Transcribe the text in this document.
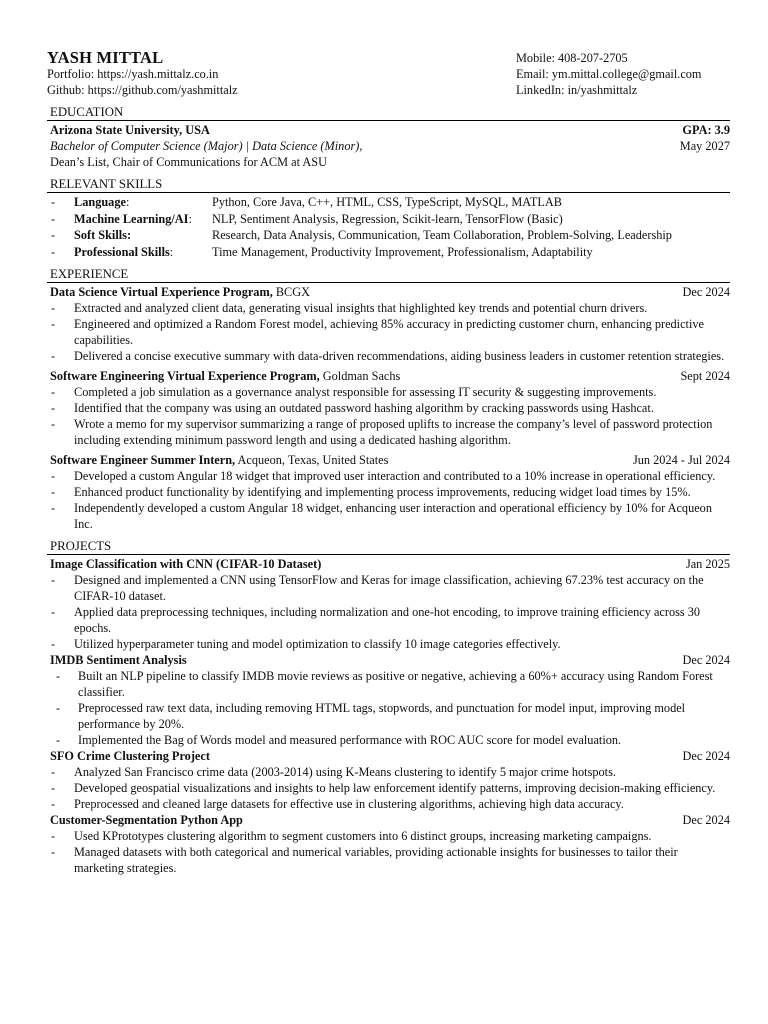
YASH MITTAL
Portfolio: https://yash.mittalz.co.in
Github: https://github.com/yashmittalz
Mobile: 408-207-2705
Email: ym.mittal.college@gmail.com
LinkedIn: in/yashmittalz
EDUCATION
Arizona State University, USA	GPA: 3.9
Bachelor of Computer Science (Major) | Data Science (Minor),	May 2027
Dean’s List, Chair of Communications for ACM at ASU
RELEVANT SKILLS
- Language:	Python, Core Java, C++, HTML, CSS, TypeScript, MySQL, MATLAB
- Machine Learning/AI: NLP, Sentiment Analysis, Regression, Scikit-learn, TensorFlow (Basic)
- Soft Skills:	Research, Data Analysis, Communication, Team Collaboration, Problem-Solving, Leadership
- Professional Skills:	Time Management, Productivity Improvement, Professionalism, Adaptability
EXPERIENCE
Data Science Virtual Experience Program, BCGX	Dec 2024
- Extracted and analyzed client data, generating visual insights that highlighted key trends and potential churn drivers.
- Engineered and optimized a Random Forest model, achieving 85% accuracy in predicting customer churn, enhancing predictive capabilities.
- Delivered a concise executive summary with data-driven recommendations, aiding business leaders in customer retention strategies.
Software Engineering Virtual Experience Program, Goldman Sachs	Sept 2024
- Completed a job simulation as a governance analyst responsible for assessing IT security & suggesting improvements.
- Identified that the company was using an outdated password hashing algorithm by cracking passwords using Hashcat.
- Wrote a memo for my supervisor summarizing a range of proposed uplifts to increase the company’s level of password protection including extending minimum password length and using a dedicated hashing algorithm.
Software Engineer Summer Intern, Acqueon, Texas, United States	Jun 2024 - Jul 2024
- Developed a custom Angular 18 widget that improved user interaction and contributed to a 10% increase in operational efficiency.
- Enhanced product functionality by identifying and implementing process improvements, reducing widget load times by 15%.
- Independently developed a custom Angular 18 widget, enhancing user interaction and operational efficiency by 10% for Acqueon Inc.
PROJECTS
Image Classification with CNN (CIFAR-10 Dataset)	Jan 2025
- Designed and implemented a CNN using TensorFlow and Keras for image classification, achieving 67.23% test accuracy on the CIFAR-10 dataset.
- Applied data preprocessing techniques, including normalization and one-hot encoding, to improve training efficiency across 30 epochs.
- Utilized hyperparameter tuning and model optimization to classify 10 image categories effectively.
IMDB Sentiment Analysis	Dec 2024
- Built an NLP pipeline to classify IMDB movie reviews as positive or negative, achieving a 60%+ accuracy using Random Forest classifier.
- Preprocessed raw text data, including removing HTML tags, stopwords, and punctuation for model input, improving model performance by 20%.
- Implemented the Bag of Words model and measured performance with ROC AUC score for model evaluation.
SFO Crime Clustering Project	Dec 2024
- Analyzed San Francisco crime data (2003-2014) using K-Means clustering to identify 5 major crime hotspots.
- Developed geospatial visualizations and insights to help law enforcement identify patterns, improving decision-making efficiency.
- Preprocessed and cleaned large datasets for effective use in clustering algorithms, achieving high data accuracy.
Customer-Segmentation Python App	Dec 2024
- Used KPrototypes clustering algorithm to segment customers into 6 distinct groups, increasing marketing campaigns.
- Managed datasets with both categorical and numerical variables, providing actionable insights for businesses to tailor their marketing strategies.
